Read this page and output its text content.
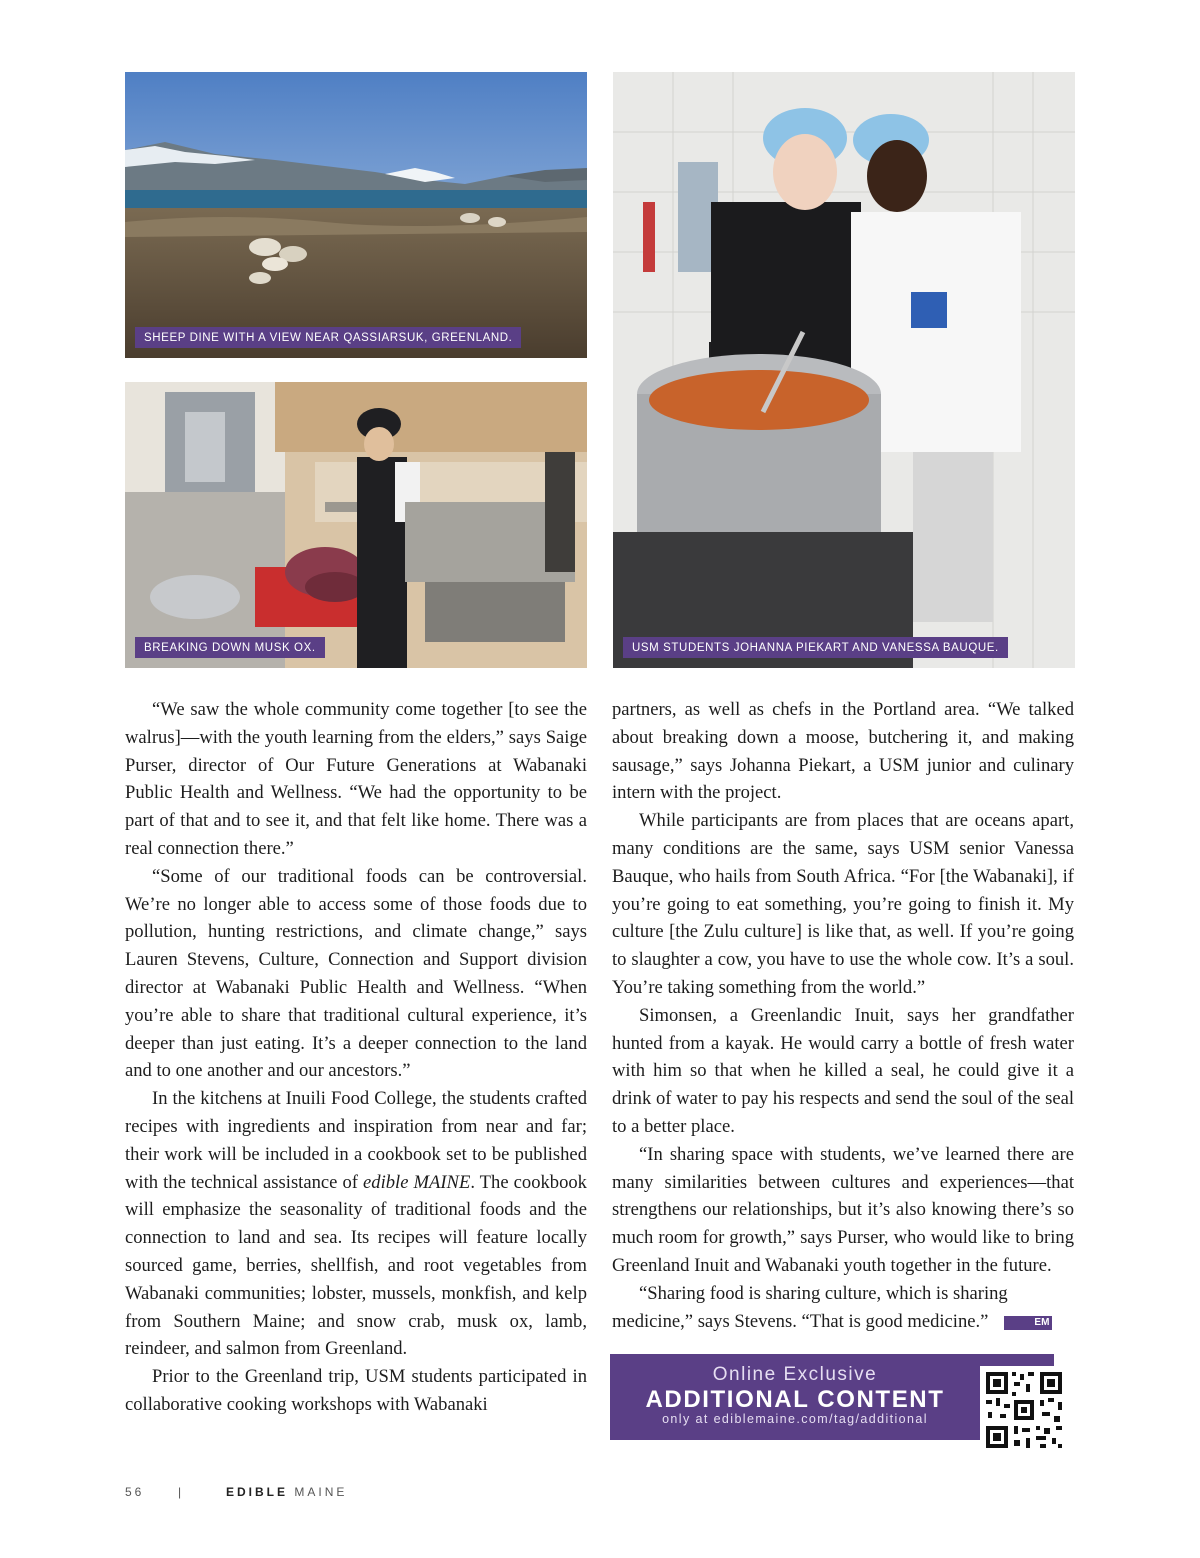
SHEEP DINE WITH A VIEW NEAR QASSIARSUK, GREENLAND.
BREAKING DOWN MUSK OX.	USM STUDENTS JOHANNA PIEKART AND VANESSA BAUQUE.

“We saw the whole community come together [to see the walrus]—with the youth learning from the elders,” says Saige Purser, director of Our Future Generations at Wabanaki Public Health and Wellness. “We had the opportunity to be part of that and to see it, and that felt like home. There was a real connection there.”

“Some of our traditional foods can be controversial. We’re no longer able to access some of those foods due to pollution, hunting restrictions, and climate change,” says Lauren Stevens, Culture, Connection and Support division director at Wabanaki Public Health and Wellness. “When you’re able to share that traditional cultural experience, it’s deeper than just eating. It’s a deeper connection to the land and to one another and our ancestors.”

In the kitchens at Inuili Food College, the students crafted recipes with ingredients and inspiration from near and far; their work will be included in a cookbook set to be published with the technical assistance of edible MAINE. The cookbook will emphasize the seasonality of traditional foods and the connection to land and sea. Its recipes will feature locally sourced game, berries, shellfish, and root vegetables from Wabanaki communities; lobster, mussels, monkfish, and kelp from Southern Maine; and snow crab, musk ox, lamb, reindeer, and salmon from Greenland.

Prior to the Greenland trip, USM students participated in collaborative cooking workshops with Wabanaki

partners, as well as chefs in the Portland area. “We talked about breaking down a moose, butchering it, and making sausage,” says Johanna Piekart, a USM junior and culinary intern with the project.

While participants are from places that are oceans apart, many conditions are the same, says USM senior Vanessa Bauque, who hails from South Africa. “For [the Wabanaki], if you’re going to eat something, you’re going to finish it. My culture [the Zulu culture] is like that, as well. If you’re going to slaughter a cow, you have to use the whole cow. It’s a soul. You’re taking something from the world.”

Simonsen, a Greenlandic Inuit, says her grandfather hunted from a kayak. He would carry a bottle of fresh water with him so that when he killed a seal, he could give it a drink of water to pay his respects and send the soul of the seal to a better place.

“In sharing space with students, we’ve learned there are many similarities between cultures and experiences—that strengthens our relationships, but it’s also knowing there’s so much room for growth,” says Purser, who would like to bring Greenland Inuit and Wabanaki youth together in the future.

“Sharing food is sharing culture, which is sharing medicine,” says Stevens. “That is good medicine.”	EM

Online Exclusive
ADDITIONAL CONTENT
only at ediblemaine.com/tag/additional
56	|	EDIBLE MAINE
